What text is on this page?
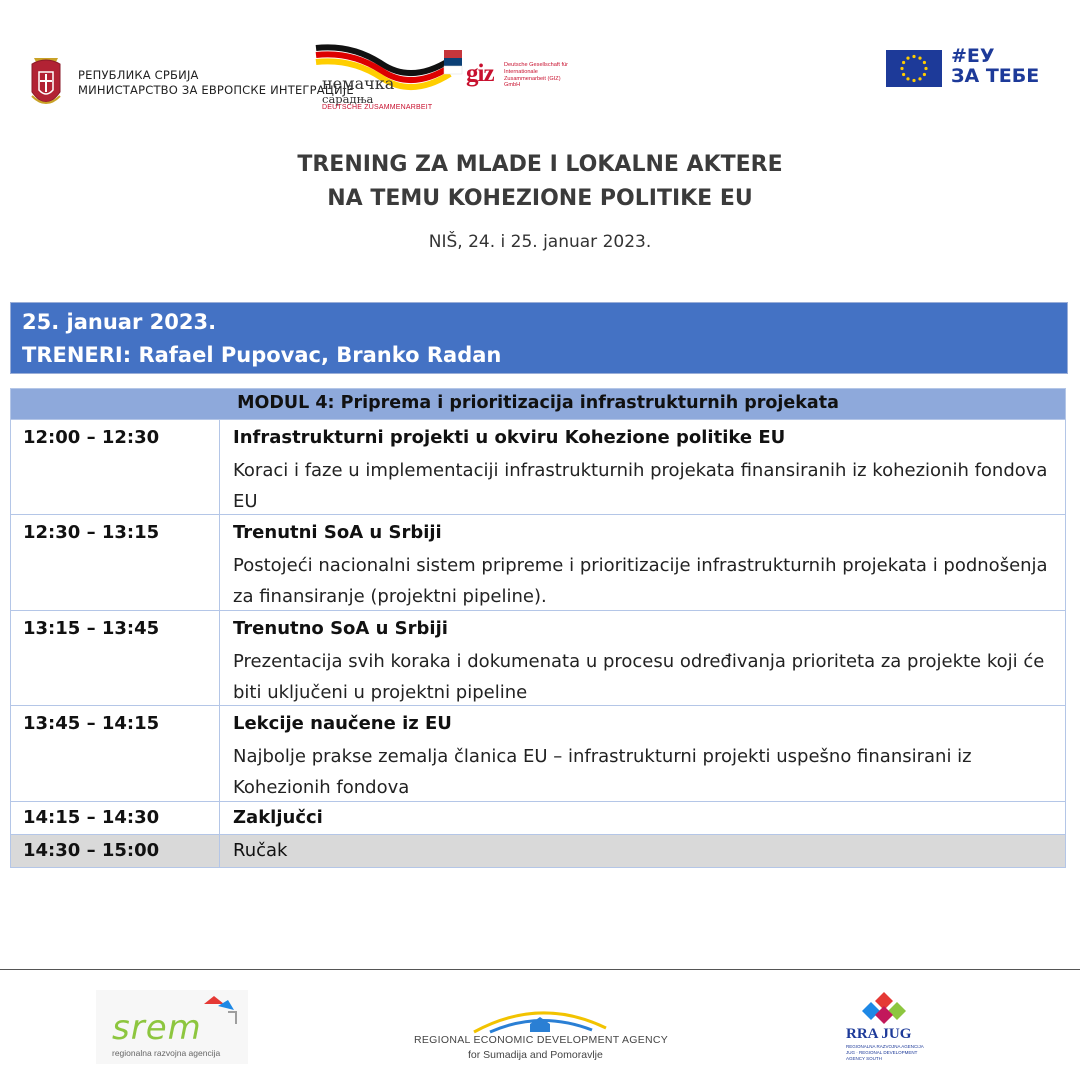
РЕПУБЛИКА СРБИЈА
МИНИСТАРСТВО ЗА ЕВРОПСКЕ ИНТЕГРАЦИЈЕ
немачка
сарадња
DEUTSCHE ZUSAMMENARBEIT
giz Deutsche Gesellschaft für Internationale Zusammenarbeit (GIZ) GmbH
#ЕУ
ЗА ТЕБЕ
TRENING ZA MLADE I LOKALNE AKTERE
NA TEMU KOHEZIONE POLITIKE EU
NIŠ, 24. i 25. januar 2023.
25. januar 2023.
TRENERI: Rafael Pupovac, Branko Radan
MODUL 4: Priprema i prioritizacija infrastrukturnih projekata
12:00 – 12:30	Infrastrukturni projekti u okviru Kohezione politike EU
Koraci i faze u implementaciji infrastrukturnih projekata finansiranih iz kohezionih fondova EU
12:30 – 13:15	Trenutni SoA u Srbiji
Postojeći nacionalni sistem pripreme i prioritizacije infrastrukturnih projekata i podnošenja za finansiranje (projektni pipeline).
13:15 – 13:45	Trenutno SoA u Srbiji
Prezentacija svih koraka i dokumenata u procesu određivanja prioriteta za projekte koji će biti uključeni u projektni pipeline
13:45 – 14:15	Lekcije naučene iz EU
Najbolje prakse zemalja članica EU – infrastrukturni projekti uspešno finansirani iz Kohezionih fondova
14:15 – 14:30	Zaključci
14:30 – 15:00	Ručak
srem
regionalna razvojna agencija
REGIONAL ECONOMIC DEVELOPMENT AGENCY
for Sumadija and Pomoravlje
RRA JUG
REGIONALNA RAZVOJNA AGENCIJA JUG · REGIONAL DEVELOPMENT AGENCY SOUTH
